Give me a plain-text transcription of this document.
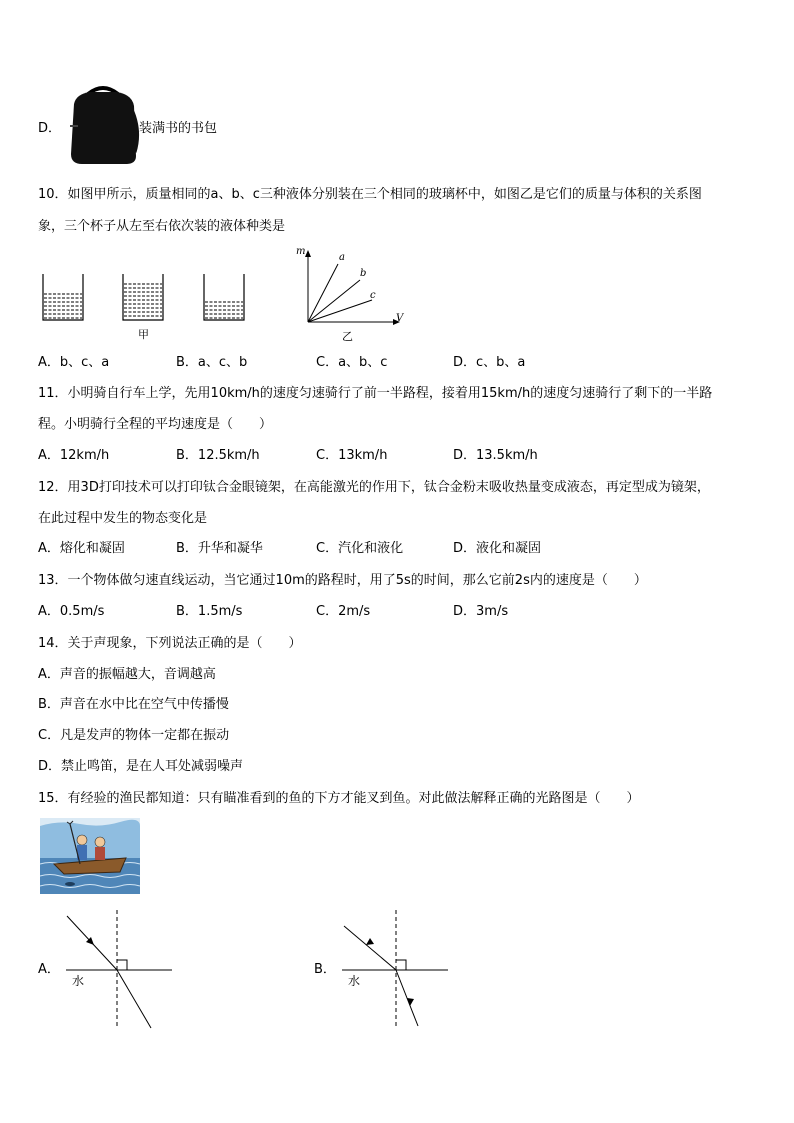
D．	装满书的书包
10．如图甲所示，质量相同的a、b、c三种液体分别装在三个相同的玻璃杯中，如图乙是它们的质量与体积的关系图
象，三个杯子从左至右依次装的液体种类是
甲
m
V
a
b
c
乙
A．b、c、a	B．a、c、b	C．a、b、c	D．c、b、a
11．小明骑自行车上学，先用10km/h的速度匀速骑行了前一半路程，接着用15km/h的速度匀速骑行了剩下的一半路
程。小明骑行全程的平均速度是（　　）
A．12km/h	B．12.5km/h	C．13km/h	D．13.5km/h
12．用3D打印技术可以打印钛合金眼镜架，在高能激光的作用下，钛合金粉末吸收热量变成液态，再定型成为镜架，
在此过程中发生的物态变化是
A．熔化和凝固	B．升华和凝华	C．汽化和液化	D．液化和凝固
13．一个物体做匀速直线运动，当它通过10m的路程时，用了5s的时间，那么它前2s内的速度是（　　）
A．0.5m/s	B．1.5m/s	C．2m/s	D．3m/s
14．关于声现象，下列说法正确的是（　　）
A．声音的振幅越大，音调越高
B．声音在水中比在空气中传播慢
C．凡是发声的物体一定都在振动
D．禁止鸣笛，是在人耳处减弱噪声
15．有经验的渔民都知道：只有瞄准看到的鱼的下方才能叉到鱼。对此做法解释正确的光路图是（　　）
A．
水
B．
水
